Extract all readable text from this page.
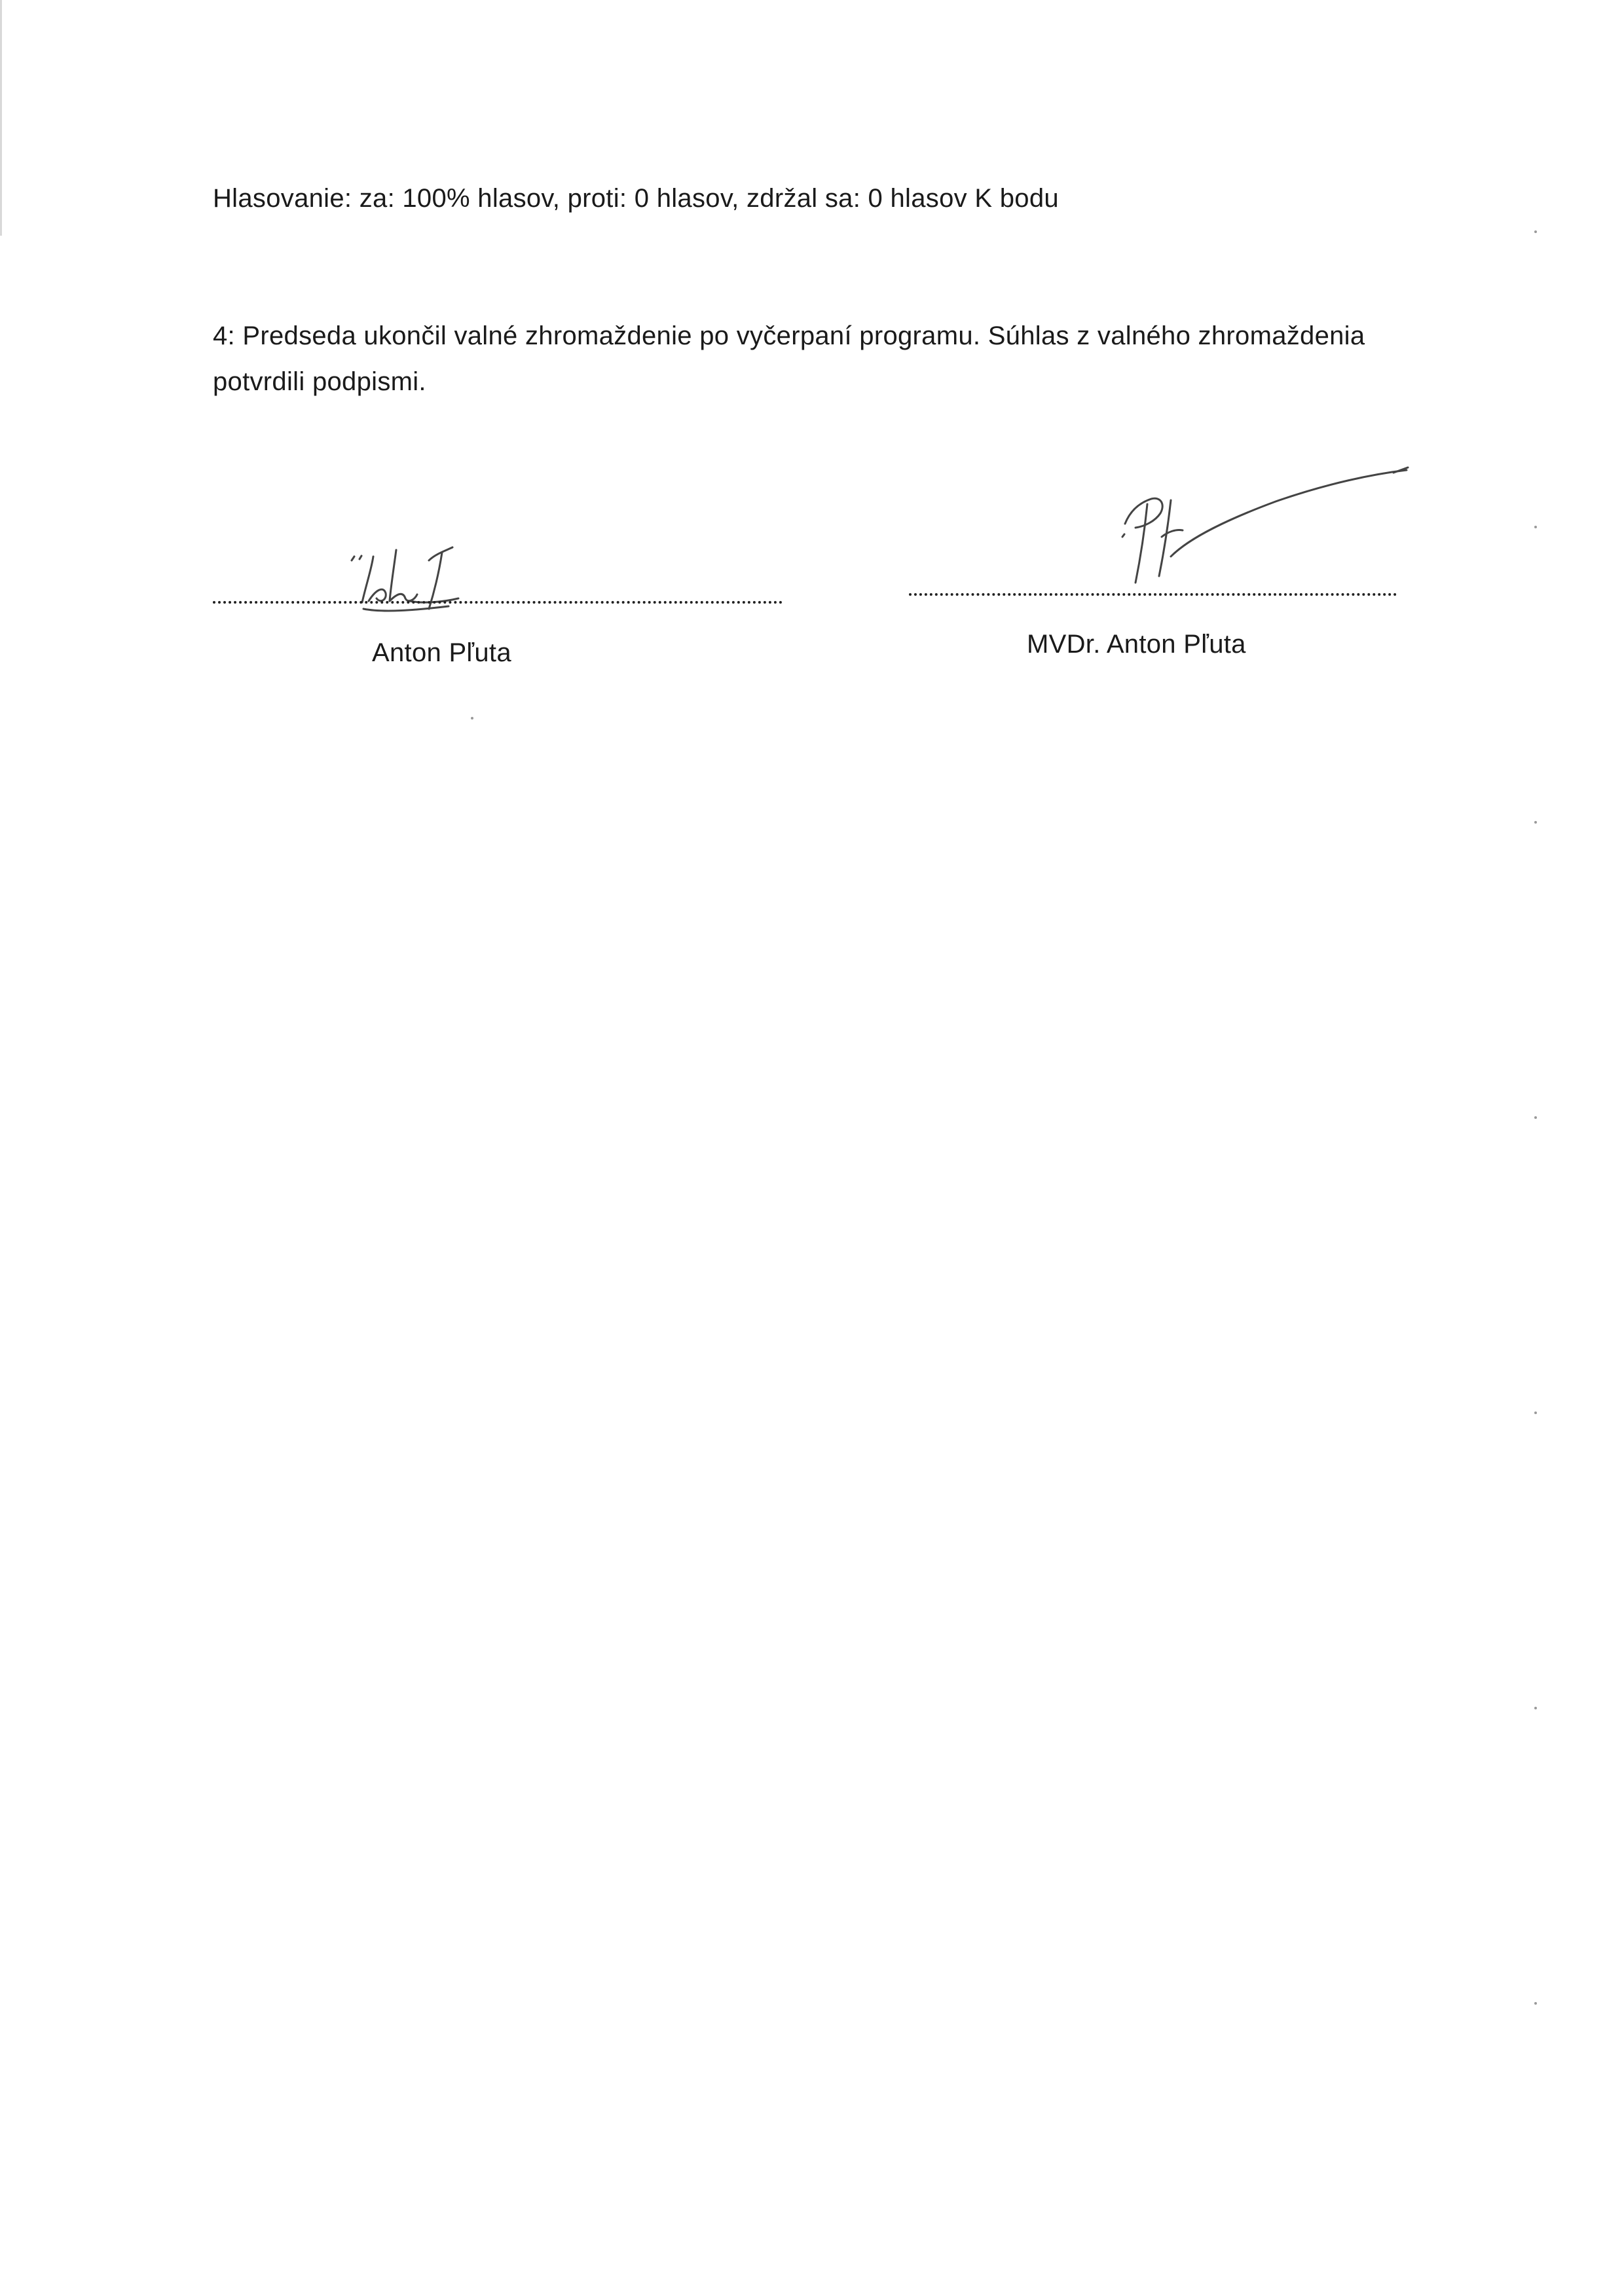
Hlasovanie: za: 100% hlasov, proti: 0 hlasov, zdržal sa: 0 hlasov K bodu

4: Predseda ukončil valné zhromaždenie po vyčerpaní programu. Súhlas z valného zhromaždenia potvrdili podpismi.

Anton Pľuta	MVDr. Anton Pľuta
